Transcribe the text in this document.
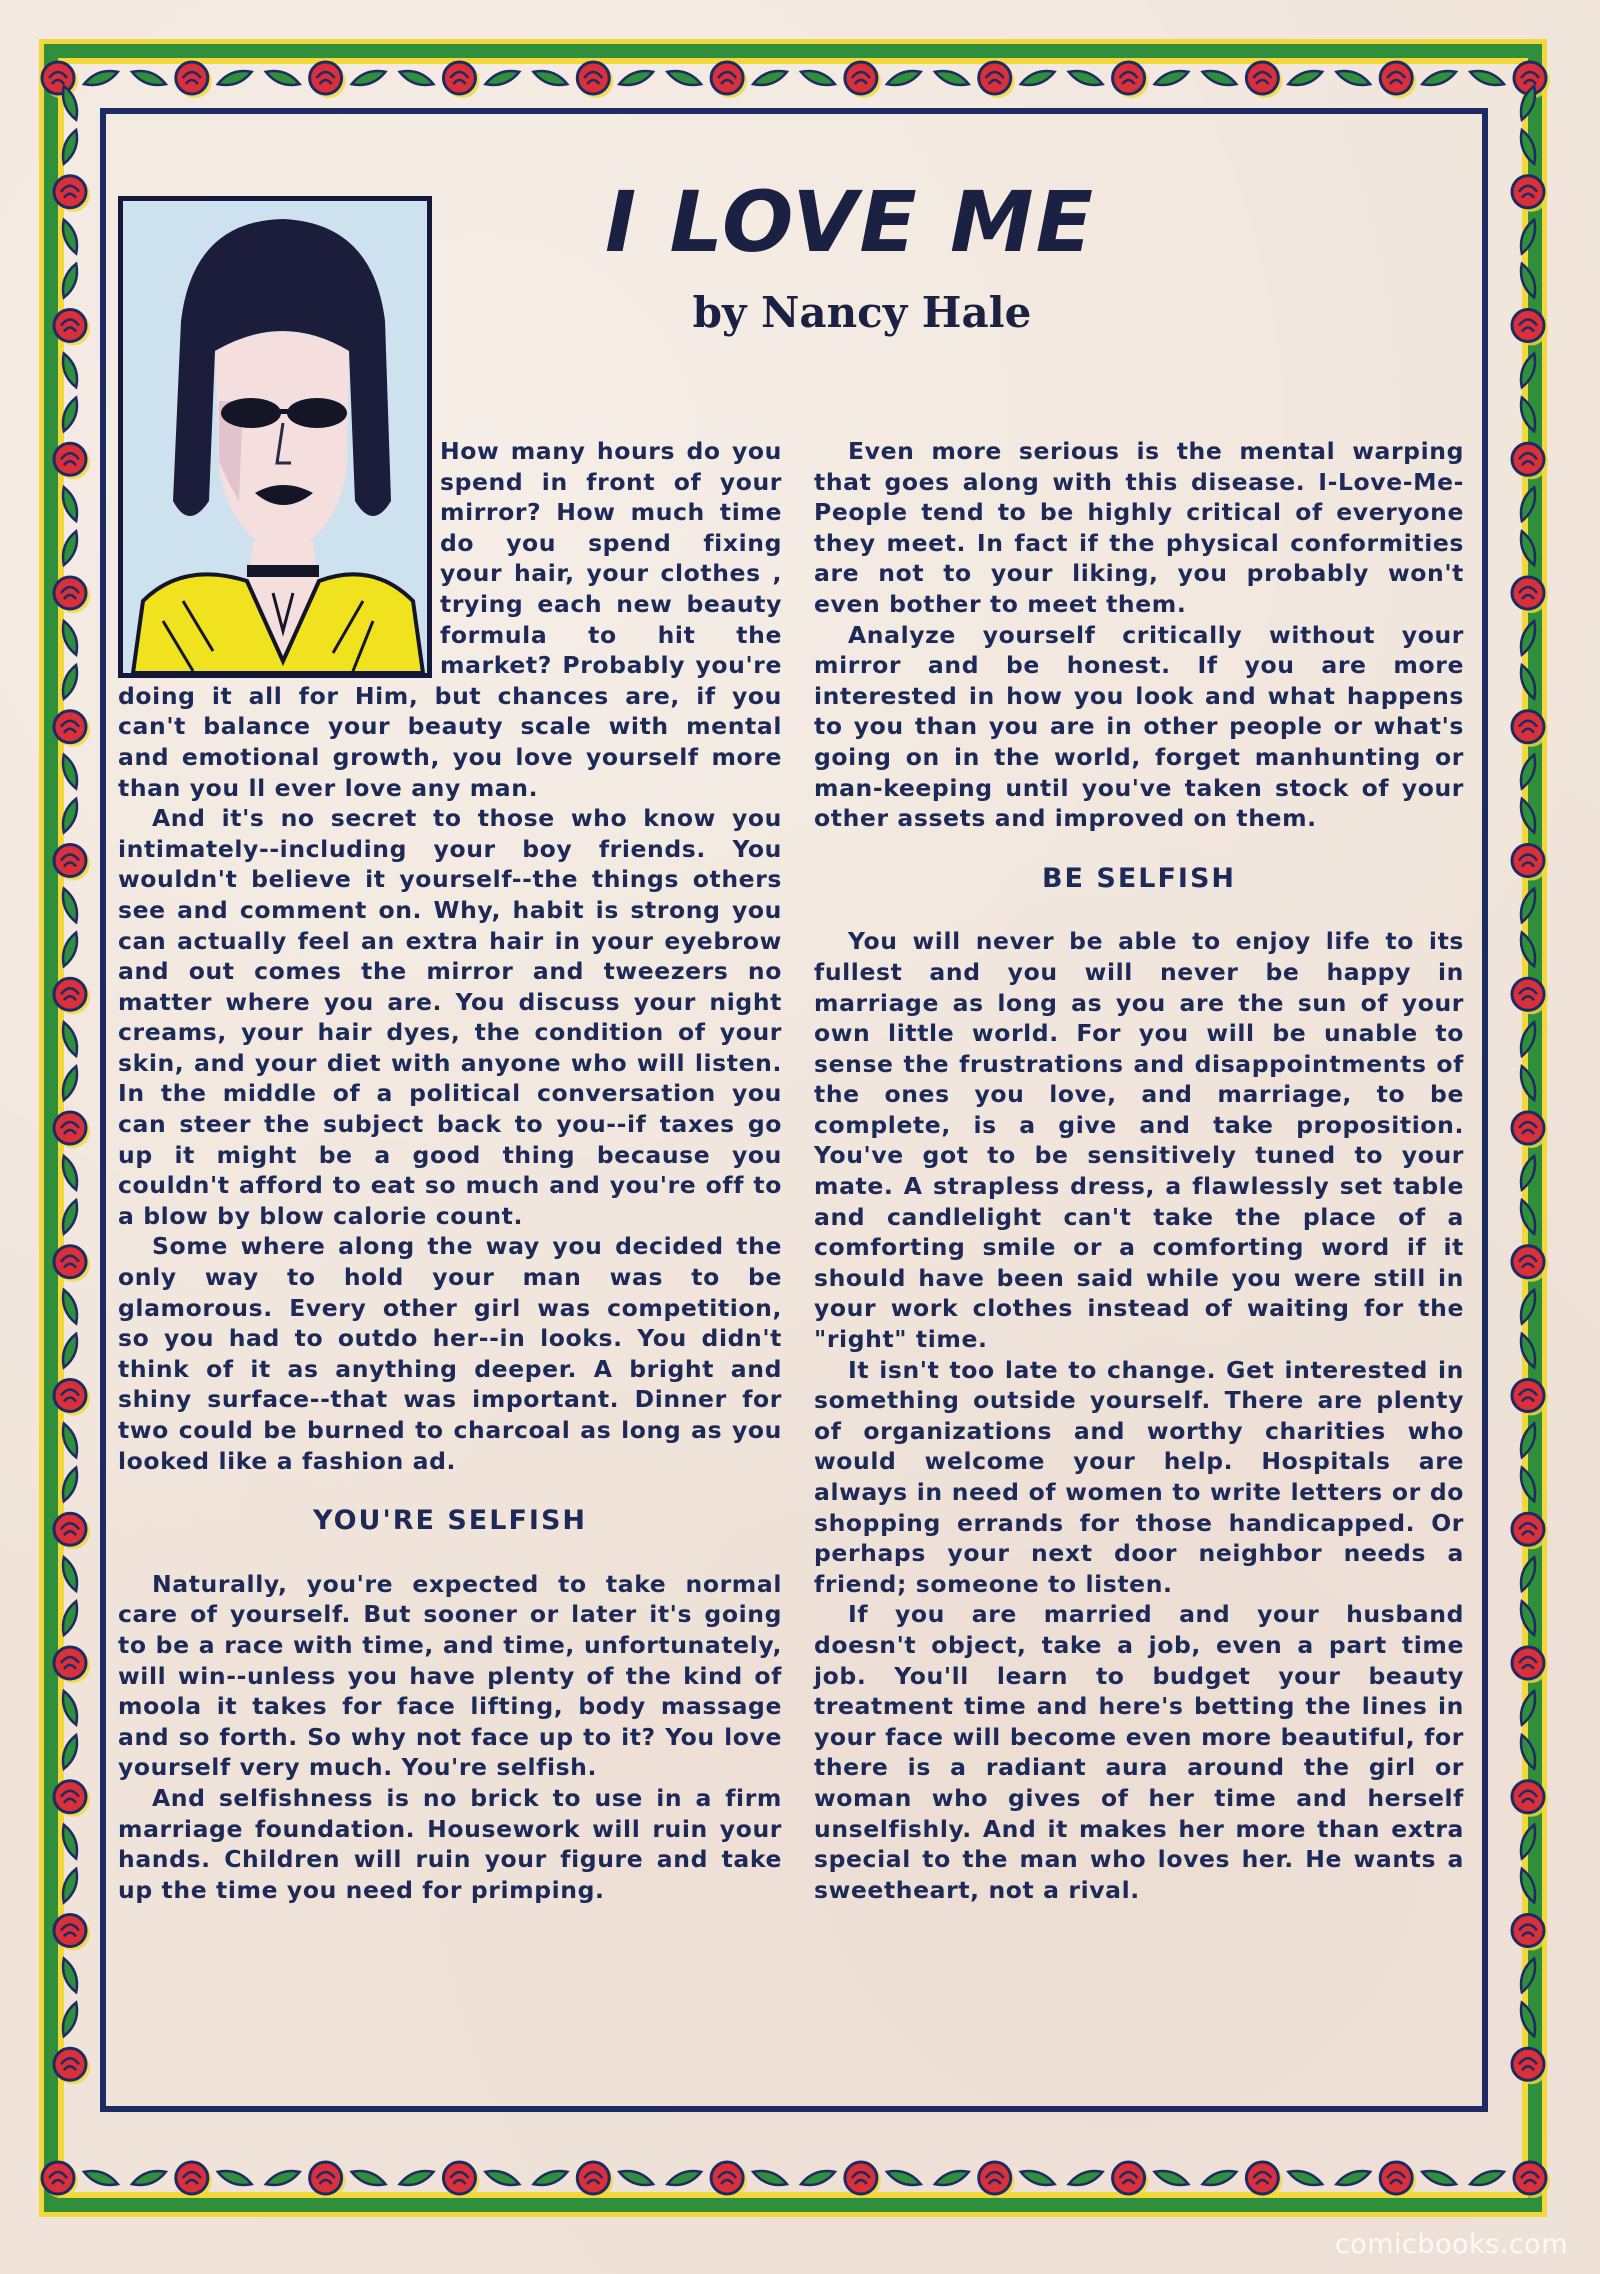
I LOVE ME
by Nancy Hale

How many hours do you spend in front of your mirror? How much time do you spend fixing your hair, your clothes , trying each new beauty formula to hit the market? Probably you're doing it all for Him, but chances are, if you can't balance your beauty scale with mental and emotional growth, you love yourself more than you ll ever love any man.

And it's no secret to those who know you intimately--including your boy friends. You wouldn't believe it yourself--the things others see and comment on. Why, habit is strong you can actually feel an extra hair in your eyebrow and out comes the mirror and tweezers no matter where you are. You discuss your night creams, your hair dyes, the condition of your skin, and your diet with anyone who will listen. In the middle of a political conversation you can steer the subject back to you--if taxes go up it might be a good thing because you couldn't afford to eat so much and you're off to a blow by blow calorie count.

Some where along the way you decided the only way to hold your man was to be glamorous. Every other girl was competition, so you had to outdo her--in looks. You didn't think of it as anything deeper. A bright and shiny surface--that was important. Dinner for two could be burned to charcoal as long as you looked like a fashion ad.

YOU'RE SELFISH

Naturally, you're expected to take normal care of yourself. But sooner or later it's going to be a race with time, and time, unfortunately, will win--unless you have plenty of the kind of moola it takes for face lifting, body massage and so forth. So why not face up to it? You love yourself very much. You're selfish.

And selfishness is no brick to use in a firm marriage foundation. Housework will ruin your hands. Children will ruin your figure and take up the time you need for primping.

Even more serious is the mental warping that goes along with this disease. I-Love-Me-People tend to be highly critical of everyone they meet. In fact if the physical conformities are not to your liking, you probably won't even bother to meet them.

Analyze yourself critically without your mirror and be honest. If you are more interested in how you look and what happens to you than you are in other people or what's going on in the world, forget manhunting or man-keeping until you've taken stock of your other assets and improved on them.

BE SELFISH

You will never be able to enjoy life to its fullest and you will never be happy in marriage as long as you are the sun of your own little world. For you will be unable to sense the frustrations and disappointments of the ones you love, and marriage, to be complete, is a give and take proposition. You've got to be sensitively tuned to your mate. A strapless dress, a flawlessly set table and candlelight can't take the place of a comforting smile or a comforting word if it should have been said while you were still in your work clothes instead of waiting for the "right" time.

It isn't too late to change. Get interested in something outside yourself. There are plenty of organizations and worthy charities who would welcome your help. Hospitals are always in need of women to write letters or do shopping errands for those handicapped. Or perhaps your next door neighbor needs a friend; someone to listen.

If you are married and your husband doesn't object, take a job, even a part time job. You'll learn to budget your beauty treatment time and here's betting the lines in your face will become even more beautiful, for there is a radiant aura around the girl or woman who gives of her time and herself unselfishly. And it makes her more than extra special to the man who loves her. He wants a sweetheart, not a rival.

comicbooks.com
